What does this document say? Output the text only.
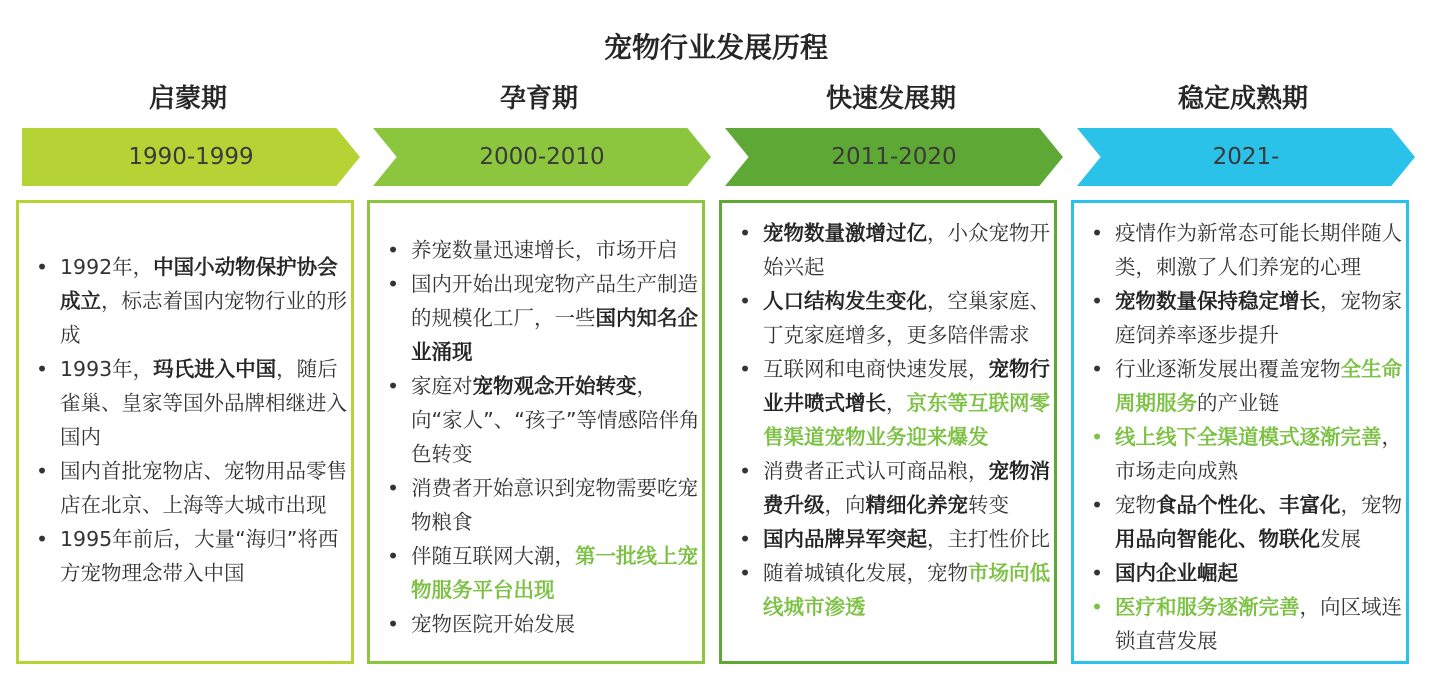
宠物行业发展历程
启蒙期
1990-1999
• 1992年，中国小动物保护协会成立，标志着国内宠物行业的形成
• 1993年，玛氏进入中国，随后雀巢、皇家等国外品牌相继进入国内
• 国内首批宠物店、宠物用品零售店在北京、上海等大城市出现
• 1995年前后，大量“海归”将西方宠物理念带入中国
孕育期
2000-2010
• 养宠数量迅速增长，市场开启
• 国内开始出现宠物产品生产制造的规模化工厂，一些国内知名企业涌现
• 家庭对宠物观念开始转变，向“家人”、“孩子”等情感陪伴角色转变
• 消费者开始意识到宠物需要吃宠物粮食
• 伴随互联网大潮，第一批线上宠物服务平台出现
• 宠物医院开始发展
快速发展期
2011-2020
• 宠物数量激增过亿，小众宠物开始兴起
• 人口结构发生变化，空巢家庭、丁克家庭增多，更多陪伴需求
• 互联网和电商快速发展，宠物行业井喷式增长，京东等互联网零售渠道宠物业务迎来爆发
• 消费者正式认可商品粮，宠物消费升级，向精细化养宠转变
• 国内品牌异军突起，主打性价比
• 随着城镇化发展，宠物市场向低线城市渗透
稳定成熟期
2021-
• 疫情作为新常态可能长期伴随人类，刺激了人们养宠的心理
• 宠物数量保持稳定增长，宠物家庭饲养率逐步提升
• 行业逐渐发展出覆盖宠物全生命周期服务的产业链
• 线上线下全渠道模式逐渐完善，市场走向成熟
• 宠物食品个性化、丰富化，宠物用品向智能化、物联化发展
• 国内企业崛起
• 医疗和服务逐渐完善，向区域连锁直营发展
